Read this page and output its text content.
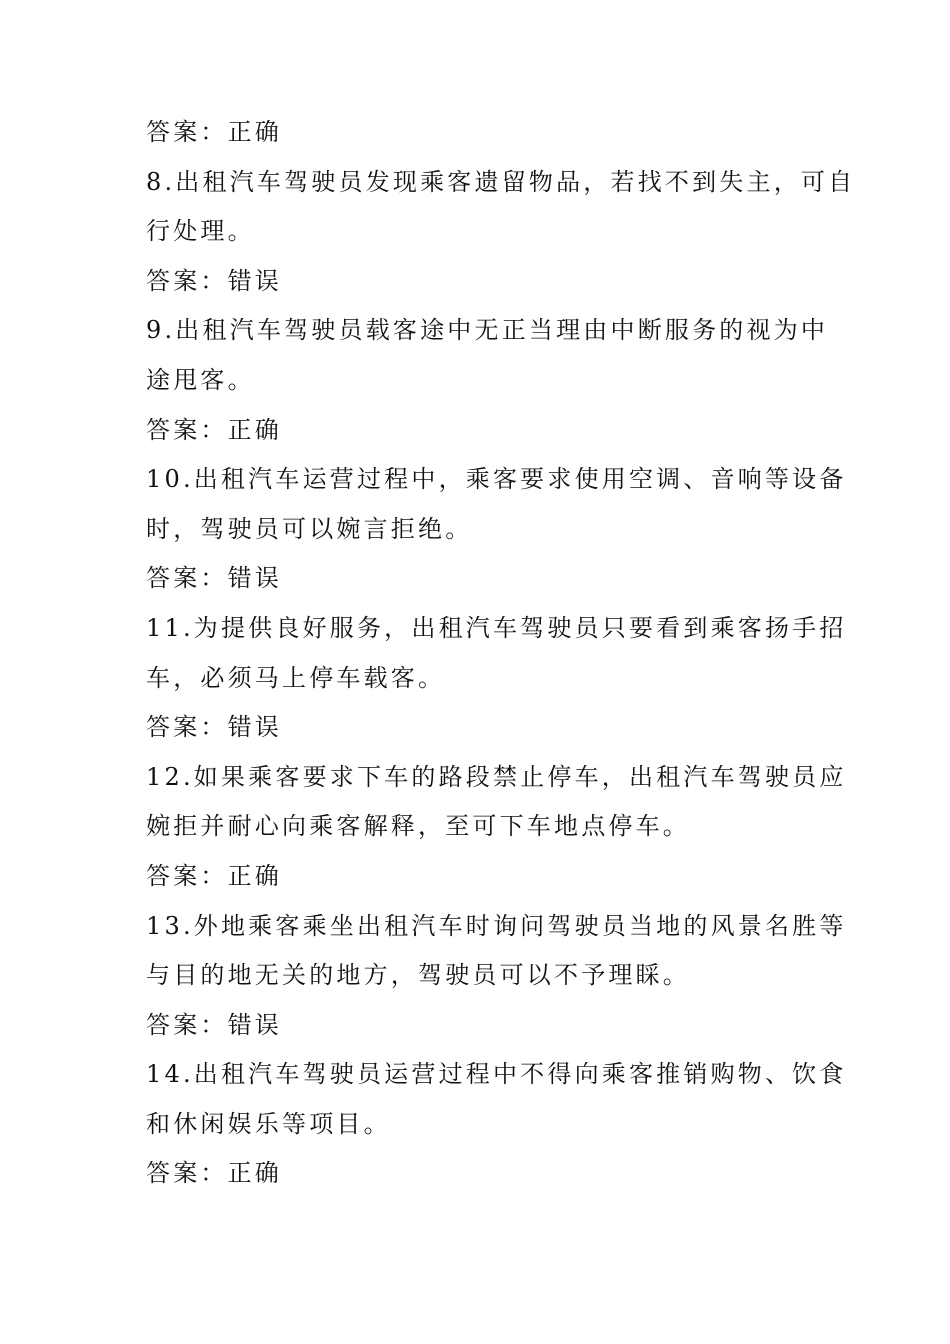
答案：正确
8.出租汽车驾驶员发现乘客遗留物品，若找不到失主，可自
行处理。
答案：错误
9.出租汽车驾驶员载客途中无正当理由中断服务的视为中
途甩客。
答案：正确
10.出租汽车运营过程中，乘客要求使用空调、音响等设备
时，驾驶员可以婉言拒绝。
答案：错误
11.为提供良好服务，出租汽车驾驶员只要看到乘客扬手招
车，必须马上停车载客。
答案：错误
12.如果乘客要求下车的路段禁止停车，出租汽车驾驶员应
婉拒并耐心向乘客解释，至可下车地点停车。
答案：正确
13.外地乘客乘坐出租汽车时询问驾驶员当地的风景名胜等
与目的地无关的地方，驾驶员可以不予理睬。
答案：错误
14.出租汽车驾驶员运营过程中不得向乘客推销购物、饮食
和休闲娱乐等项目。
答案：正确
